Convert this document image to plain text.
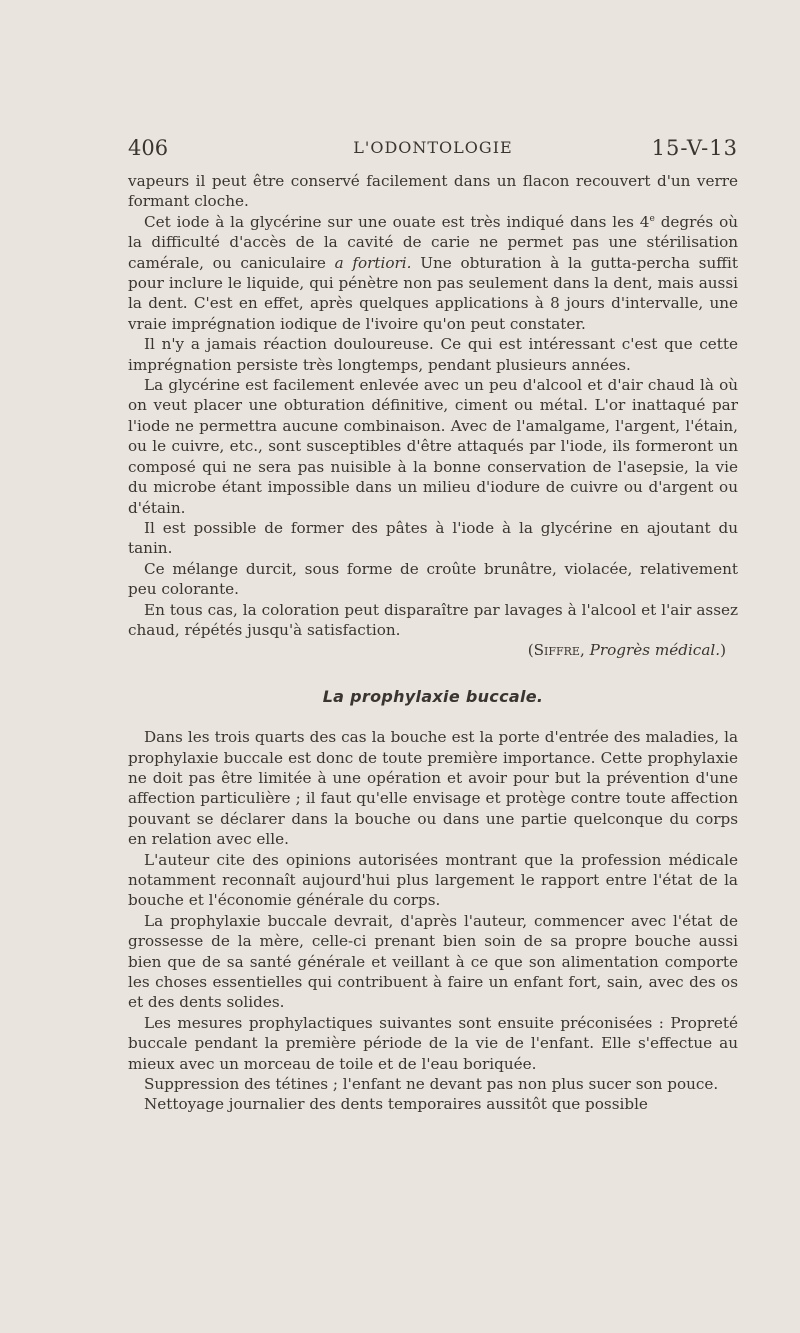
406	L'ODONTOLOGIE	15-V-13

vapeurs il peut être conservé facilement dans un flacon recouvert d'un verre formant cloche.

Cet iode à la glycérine sur une ouate est très indiqué dans les 4e degrés où la difficulté d'accès de la cavité de carie ne permet pas une stérilisation camérale, ou caniculaire a fortiori. Une obturation à la gutta-percha suffit pour inclure le liquide, qui pénètre non pas seulement dans la dent, mais aussi la dent. C'est en effet, après quelques applications à 8 jours d'intervalle, une vraie imprégnation iodique de l'ivoire qu'on peut constater.

Il n'y a jamais réaction douloureuse. Ce qui est intéressant c'est que cette imprégnation persiste très longtemps, pendant plusieurs années.

La glycérine est facilement enlevée avec un peu d'alcool et d'air chaud là où on veut placer une obturation définitive, ciment ou métal. L'or inattaqué par l'iode ne permettra aucune combinaison. Avec de l'amalgame, l'argent, l'étain, ou le cuivre, etc., sont susceptibles d'être attaqués par l'iode, ils formeront un composé qui ne sera pas nuisible à la bonne conservation de l'asepsie, la vie du microbe étant impossible dans un milieu d'iodure de cuivre ou d'argent ou d'étain.

Il est possible de former des pâtes à l'iode à la glycérine en ajoutant du tanin.

Ce mélange durcit, sous forme de croûte brunâtre, violacée, relativement peu colorante.

En tous cas, la coloration peut disparaître par lavages à l'alcool et l'air assez chaud, répétés jusqu'à satisfaction.

(Siffre, Progrès médical.)

La prophylaxie buccale.

Dans les trois quarts des cas la bouche est la porte d'entrée des maladies, la prophylaxie buccale est donc de toute première importance. Cette prophylaxie ne doit pas être limitée à une opération et avoir pour but la prévention d'une affection particulière ; il faut qu'elle envisage et protège contre toute affection pouvant se déclarer dans la bouche ou dans une partie quelconque du corps en relation avec elle.

L'auteur cite des opinions autorisées montrant que la profession médicale notamment reconnaît aujourd'hui plus largement le rapport entre l'état de la bouche et l'économie générale du corps.

La prophylaxie buccale devrait, d'après l'auteur, commencer avec l'état de grossesse de la mère, celle-ci prenant bien soin de sa propre bouche aussi bien que de sa santé générale et veillant à ce que son alimentation comporte les choses essentielles qui contribuent à faire un enfant fort, sain, avec des os et des dents solides.

Les mesures prophylactiques suivantes sont ensuite préconisées : Propreté buccale pendant la première période de la vie de l'enfant. Elle s'effectue au mieux avec un morceau de toile et de l'eau boriquée.

Suppression des tétines ; l'enfant ne devant pas non plus sucer son pouce.

Nettoyage journalier des dents temporaires aussitôt que possible
